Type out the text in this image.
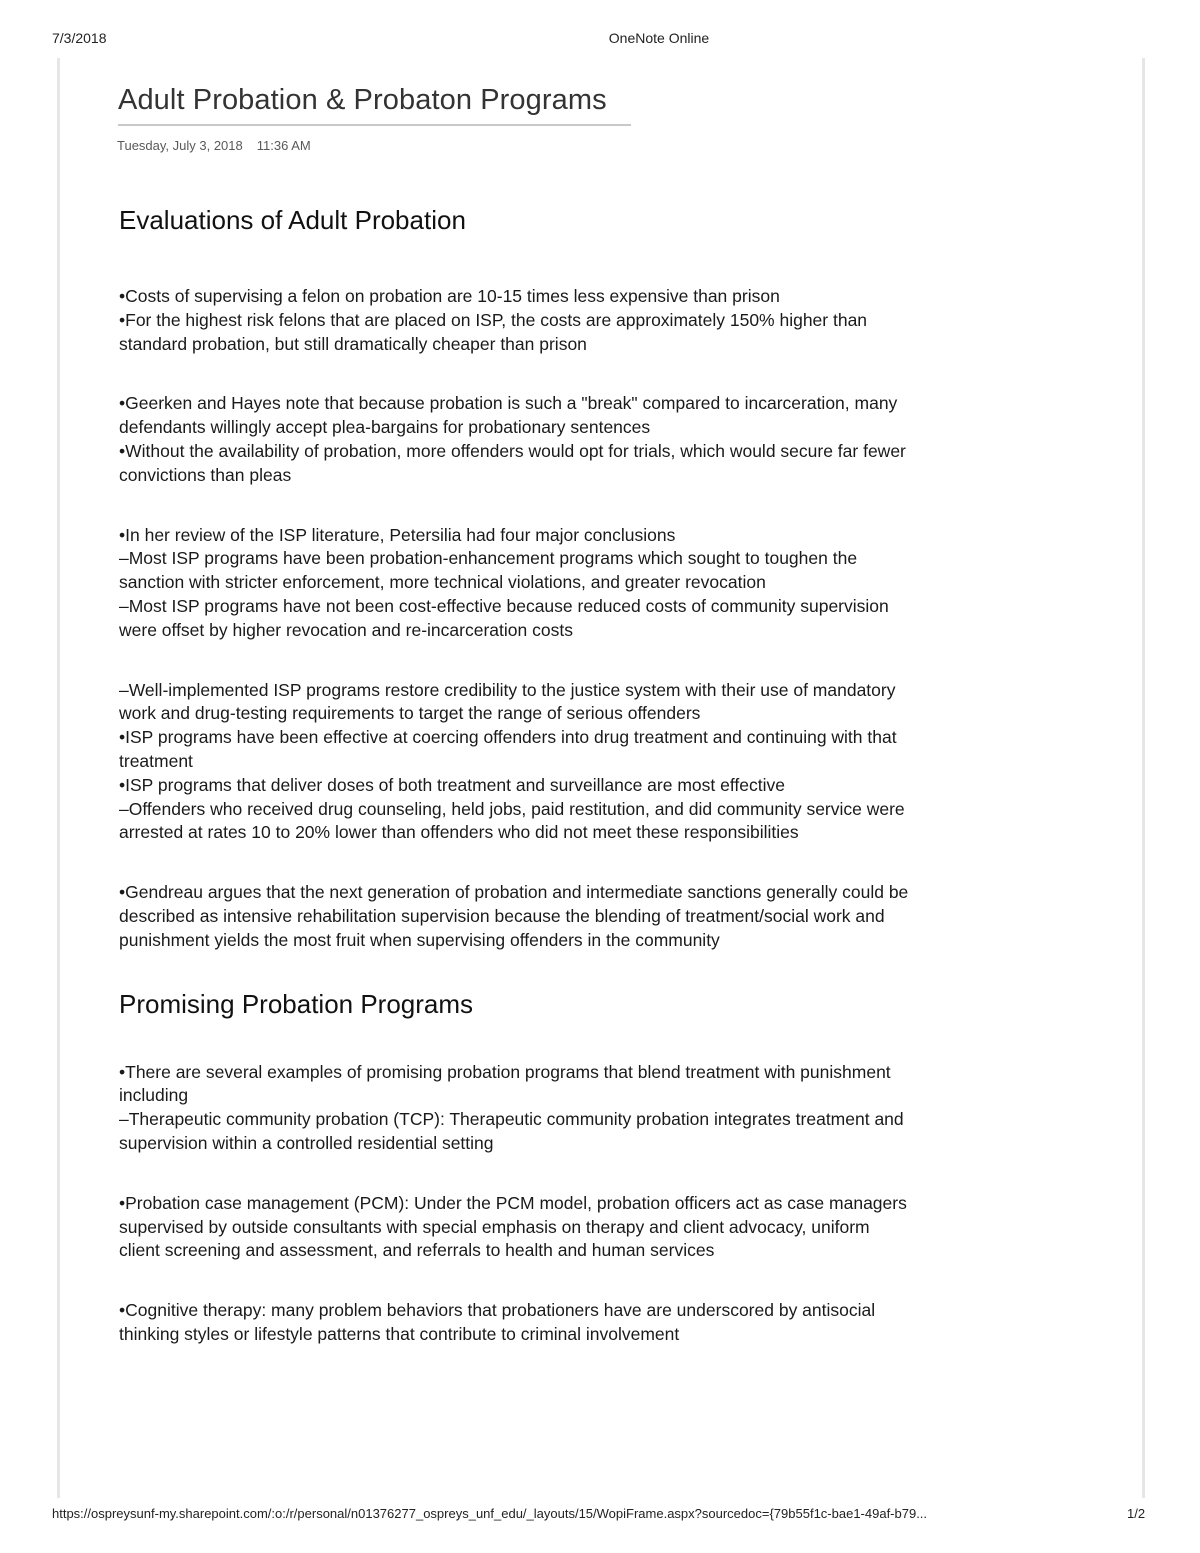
7/3/2018	OneNote Online
Adult Probation & Probaton Programs
Tuesday, July 3, 2018 11:36 AM
Evaluations of Adult Probation

•Costs of supervising a felon on probation are 10-15 times less expensive than prison

•For the highest risk felons that are placed on ISP, the costs are approximately 150% higher than standard probation, but still dramatically cheaper than prison

•Geerken and Hayes note that because probation is such a "break" compared to incarceration, many defendants willingly accept plea-bargains for probationary sentences

•Without the availability of probation, more offenders would opt for trials, which would secure far fewer convictions than pleas

•In her review of the ISP literature, Petersilia had four major conclusions

–Most ISP programs have been probation-enhancement programs which sought to toughen the sanction with stricter enforcement, more technical violations, and greater revocation

–Most ISP programs have not been cost-effective because reduced costs of community supervision were offset by higher revocation and re-incarceration costs

–Well-implemented ISP programs restore credibility to the justice system with their use of mandatory work and drug-testing requirements to target the range of serious offenders

•ISP programs have been effective at coercing offenders into drug treatment and continuing with that treatment

•ISP programs that deliver doses of both treatment and surveillance are most effective

–Offenders who received drug counseling, held jobs, paid restitution, and did community service were arrested at rates 10 to 20% lower than offenders who did not meet these responsibilities

•Gendreau argues that the next generation of probation and intermediate sanctions generally could be described as intensive rehabilitation supervision because the blending of treatment/social work and punishment yields the most fruit when supervising offenders in the community

Promising Probation Programs

•There are several examples of promising probation programs that blend treatment with punishment including

–Therapeutic community probation (TCP): Therapeutic community probation integrates treatment and supervision within a controlled residential setting

•Probation case management (PCM): Under the PCM model, probation officers act as case managers supervised by outside consultants with special emphasis on therapy and client advocacy, uniform client screening and assessment, and referrals to health and human services

•Cognitive therapy: many problem behaviors that probationers have are underscored by antisocial thinking styles or lifestyle patterns that contribute to criminal involvement

https://ospreysunf-my.sharepoint.com/:o:/r/personal/n01376277_ospreys_unf_edu/_layouts/15/WopiFrame.aspx?sourcedoc={79b55f1c-bae1-49af-b79...	1/2
